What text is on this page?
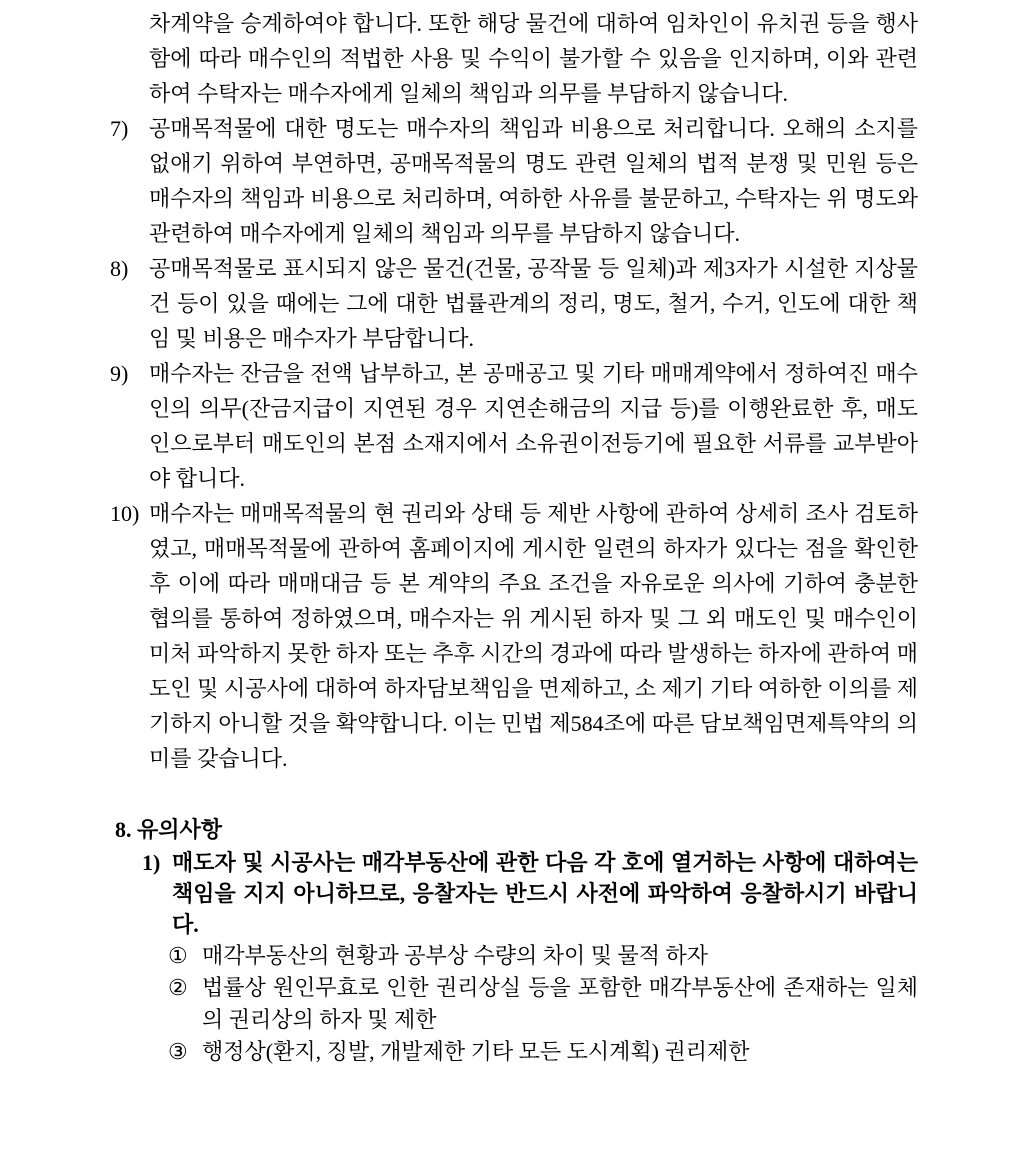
차계약을 승계하여야 합니다. 또한 해당 물건에 대하여 임차인이 유치권 등을 행사함에 따라 매수인의 적법한 사용 및 수익이 불가할 수 있음을 인지하며, 이와 관련하여 수탁자는 매수자에게 일체의 책임과 의무를 부담하지 않습니다.

7) 공매목적물에 대한 명도는 매수자의 책임과 비용으로 처리합니다. 오해의 소지를 없애기 위하여 부연하면, 공매목적물의 명도 관련 일체의 법적 분쟁 및 민원 등은 매수자의 책임과 비용으로 처리하며, 여하한 사유를 불문하고, 수탁자는 위 명도와 관련하여 매수자에게 일체의 책임과 의무를 부담하지 않습니다.

8) 공매목적물로 표시되지 않은 물건(건물, 공작물 등 일체)과 제3자가 시설한 지상물건 등이 있을 때에는 그에 대한 법률관계의 정리, 명도, 철거, 수거, 인도에 대한 책임 및 비용은 매수자가 부담합니다.

9) 매수자는 잔금을 전액 납부하고, 본 공매공고 및 기타 매매계약에서 정하여진 매수인의 의무(잔금지급이 지연된 경우 지연손해금의 지급 등)를 이행완료한 후, 매도인으로부터 매도인의 본점 소재지에서 소유권이전등기에 필요한 서류를 교부받아야 합니다.

10) 매수자는 매매목적물의 현 권리와 상태 등 제반 사항에 관하여 상세히 조사 검토하였고, 매매목적물에 관하여 홈페이지에 게시한 일련의 하자가 있다는 점을 확인한 후 이에 따라 매매대금 등 본 계약의 주요 조건을 자유로운 의사에 기하여 충분한 협의를 통하여 정하였으며, 매수자는 위 게시된 하자 및 그 외 매도인 및 매수인이 미처 파악하지 못한 하자 또는 추후 시간의 경과에 따라 발생하는 하자에 관하여 매도인 및 시공사에 대하여 하자담보책임을 면제하고, 소 제기 기타 여하한 이의를 제기하지 아니할 것을 확약합니다. 이는 민법 제584조에 따른 담보책임면제특약의 의미를 갖습니다.

8. 유의사항
1) 매도자 및 시공사는 매각부동산에 관한 다음 각 호에 열거하는 사항에 대하여는 책임을 지지 아니하므로, 응찰자는 반드시 사전에 파악하여 응찰하시기 바랍니다.

① 매각부동산의 현황과 공부상 수량의 차이 및 물적 하자

② 법률상 원인무효로 인한 권리상실 등을 포함한 매각부동산에 존재하는 일체의 권리상의 하자 및 제한

③ 행정상(환지, 징발, 개발제한 기타 모든 도시계획) 권리제한
